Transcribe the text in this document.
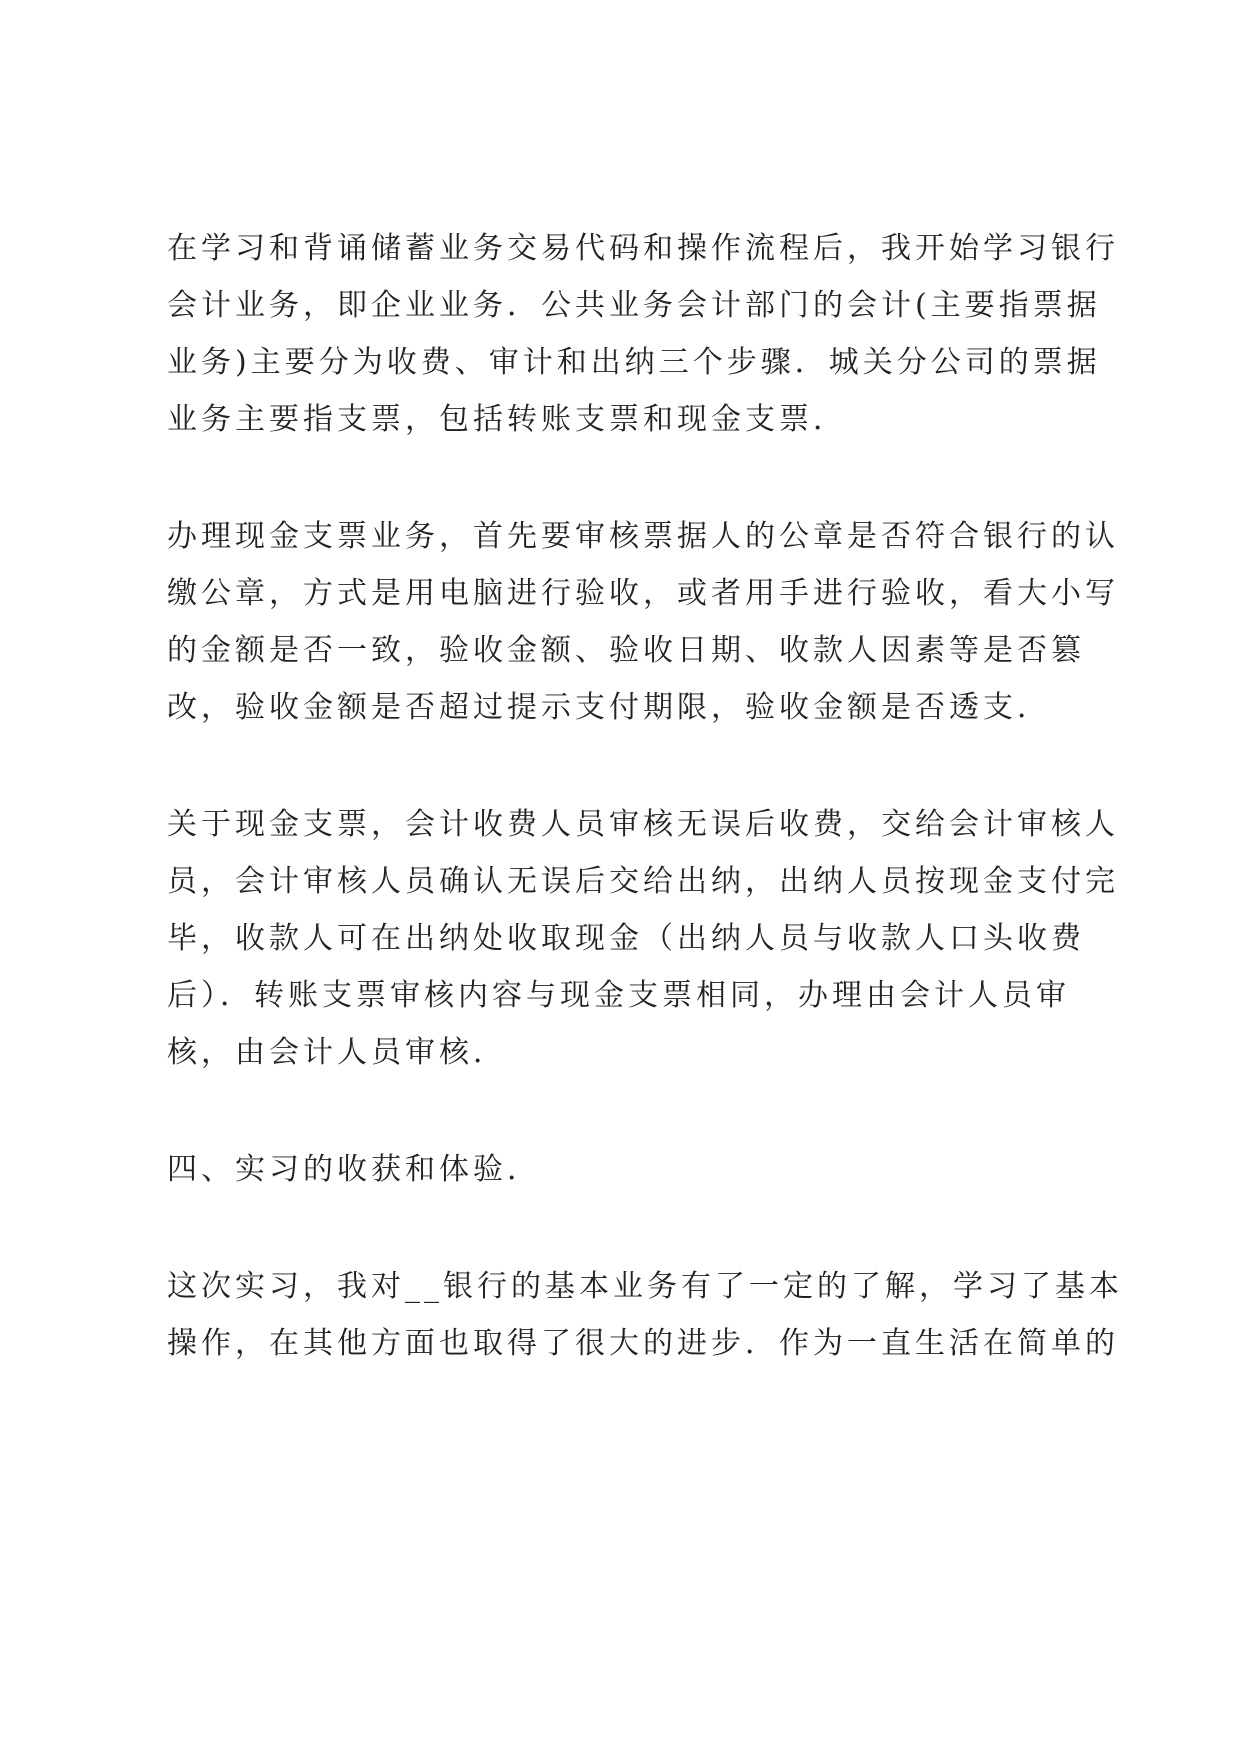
在学习和背诵储蓄业务交易代码和操作流程后，我开始学习银行
会计业务，即企业业务．公共业务会计部门的会计(主要指票据
业务)主要分为收费、审计和出纳三个步骤．城关分公司的票据
业务主要指支票，包括转账支票和现金支票．
办理现金支票业务，首先要审核票据人的公章是否符合银行的认
缴公章，方式是用电脑进行验收，或者用手进行验收，看大小写
的金额是否一致，验收金额、验收日期、收款人因素等是否篡
改，验收金额是否超过提示支付期限，验收金额是否透支．
关于现金支票，会计收费人员审核无误后收费，交给会计审核人
员，会计审核人员确认无误后交给出纳，出纳人员按现金支付完
毕，收款人可在出纳处收取现金（出纳人员与收款人口头收费
后）．转账支票审核内容与现金支票相同，办理由会计人员审
核，由会计人员审核．
四、实习的收获和体验．
这次实习，我对__银行的基本业务有了一定的了解，学习了基本
操作，在其他方面也取得了很大的进步．作为一直生活在简单的
